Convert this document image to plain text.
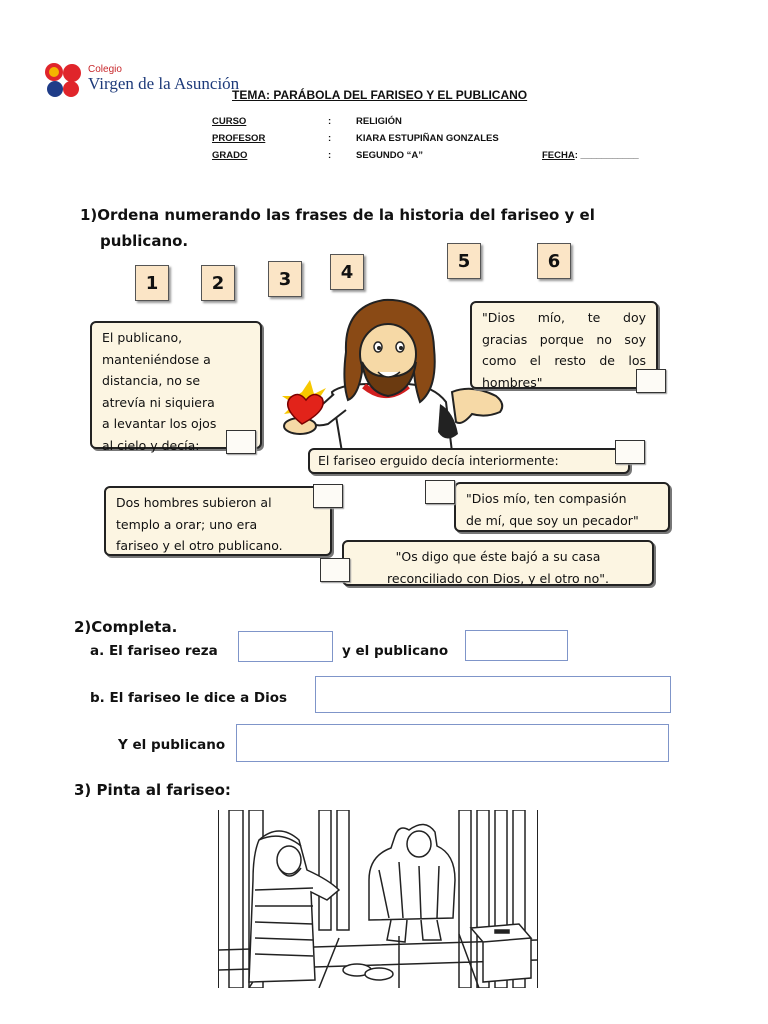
Colegio
Virgen de la Asunción
TEMA: PARÁBOLA DEL FARISEO Y EL PUBLICANO
CURSO	:	RELIGIÓN
PROFESOR	:	KIARA ESTUPIÑAN GONZALES
GRADO	:	SEGUNDO “A”	FECHA: ___________
1)Ordena numerando las frases de la historia del fariseo y el
publicano.
1	2	3	4
5	6
El publicano,
manteniéndose a
distancia, no se
atrevía ni siquiera
a levantar los ojos
al cielo y decía:
"Dios mío, te doy
gracias porque no soy
como el resto de los
hombres"
El fariseo erguido decía interiormente:
Dos hombres subieron al
templo a orar; uno era
fariseo y el otro publicano.
"Dios mío, ten compasión
de mí, que soy un pecador"
"Os digo que éste bajó a su casa
reconciliado con Dios, y el otro no".
2)Completa.
a. El fariseo reza	y el publicano
b. El fariseo le dice a Dios
Y el publicano
3) Pinta al fariseo:
